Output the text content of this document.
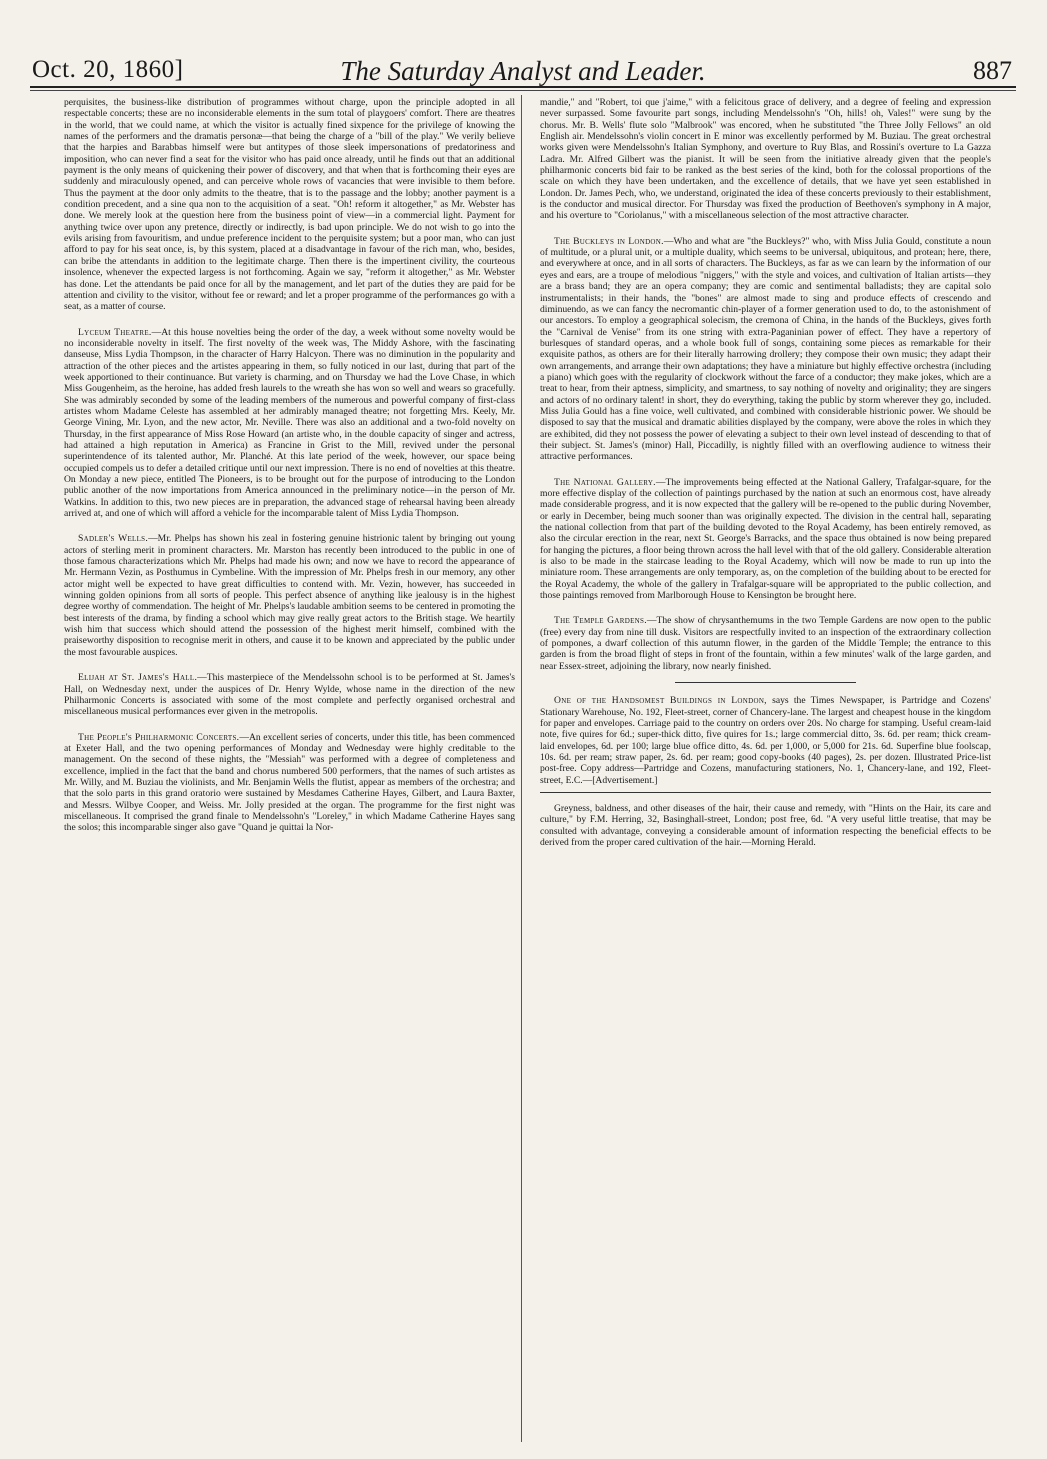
Oct. 20, 1860]	The Saturday Analyst and Leader.	887

perquisites, the business-like distribution of programmes without charge, upon the principle adopted in all respectable concerts; these are no inconsiderable elements in the sum total of playgoers' comfort. There are theatres in the world, that we could name, at which the visitor is actually fined sixpence for the privilege of knowing the names of the performers and the dramatis personæ—that being the charge of a "bill of the play." We verily believe that the harpies and Barabbas himself were but antitypes of those sleek impersonations of predatoriness and imposition, who can never find a seat for the visitor who has paid once already, until he finds out that an additional payment is the only means of quickening their power of discovery, and that when that is forthcoming their eyes are suddenly and miraculously opened, and can perceive whole rows of vacancies that were invisible to them before. Thus the payment at the door only admits to the theatre, that is to the passage and the lobby; another payment is a condition precedent, and a sine qua non to the acquisition of a seat. "Oh! reform it altogether," as Mr. Webster has done. We merely look at the question here from the business point of view—in a commercial light. Payment for anything twice over upon any pretence, directly or indirectly, is bad upon principle. We do not wish to go into the evils arising from favouritism, and undue preference incident to the perquisite system; but a poor man, who can just afford to pay for his seat once, is, by this system, placed at a disadvantage in favour of the rich man, who, besides, can bribe the attendants in addition to the legitimate charge. Then there is the impertinent civility, the courteous insolence, whenever the expected largess is not forthcoming. Again we say, "reform it altogether," as Mr. Webster has done. Let the attendants be paid once for all by the management, and let part of the duties they are paid for be attention and civility to the visitor, without fee or reward; and let a proper programme of the performances go with a seat, as a matter of course.

Lyceum Theatre.—At this house novelties being the order of the day, a week without some novelty would be no inconsiderable novelty in itself. The first novelty of the week was, The Middy Ashore, with the fascinating danseuse, Miss Lydia Thompson, in the character of Harry Halcyon. There was no diminution in the popularity and attraction of the other pieces and the artistes appearing in them, so fully noticed in our last, during that part of the week apportioned to their continuance. But variety is charming, and on Thursday we had the Love Chase, in which Miss Gougenheim, as the heroine, has added fresh laurels to the wreath she has won so well and wears so gracefully. She was admirably seconded by some of the leading members of the numerous and powerful company of first-class artistes whom Madame Celeste has assembled at her admirably managed theatre; not forgetting Mrs. Keely, Mr. George Vining, Mr. Lyon, and the new actor, Mr. Neville. There was also an additional and a two-fold novelty on Thursday, in the first appearance of Miss Rose Howard (an artiste who, in the double capacity of singer and actress, had attained a high reputation in America) as Francine in Grist to the Mill, revived under the personal superintendence of its talented author, Mr. Planché. At this late period of the week, however, our space being occupied compels us to defer a detailed critique until our next impression. There is no end of novelties at this theatre. On Monday a new piece, entitled The Pioneers, is to be brought out for the purpose of introducing to the London public another of the now importations from America announced in the preliminary notice—in the person of Mr. Watkins. In addition to this, two new pieces are in preparation, the advanced stage of rehearsal having been already arrived at, and one of which will afford a vehicle for the incomparable talent of Miss Lydia Thompson.

Sadler's Wells.—Mr. Phelps has shown his zeal in fostering genuine histrionic talent by bringing out young actors of sterling merit in prominent characters. Mr. Marston has recently been introduced to the public in one of those famous characterizations which Mr. Phelps had made his own; and now we have to record the appearance of Mr. Hermann Vezin, as Posthumus in Cymbeline. With the impression of Mr. Phelps fresh in our memory, any other actor might well be expected to have great difficulties to contend with. Mr. Vezin, however, has succeeded in winning golden opinions from all sorts of people. This perfect absence of anything like jealousy is in the highest degree worthy of commendation. The height of Mr. Phelps's laudable ambition seems to be centered in promoting the best interests of the drama, by finding a school which may give really great actors to the British stage. We heartily wish him that success which should attend the possession of the highest merit himself, combined with the praiseworthy disposition to recognise merit in others, and cause it to be known and appreciated by the public under the most favourable auspices.

Elijah at St. James's Hall.—This masterpiece of the Mendelssohn school is to be performed at St. James's Hall, on Wednesday next, under the auspices of Dr. Henry Wylde, whose name in the direction of the new Philharmonic Concerts is associated with some of the most complete and perfectly organised orchestral and miscellaneous musical performances ever given in the metropolis.

The People's Philharmonic Concerts.—An excellent series of concerts, under this title, has been commenced at Exeter Hall, and the two opening performances of Monday and Wednesday were highly creditable to the management. On the second of these nights, the "Messiah" was performed with a degree of completeness and excellence, implied in the fact that the band and chorus numbered 500 performers, that the names of such artistes as Mr. Willy, and M. Buziau the violinists, and Mr. Benjamin Wells the flutist, appear as members of the orchestra; and that the solo parts in this grand oratorio were sustained by Mesdames Catherine Hayes, Gilbert, and Laura Baxter, and Messrs. Wilbye Cooper, and Weiss. Mr. Jolly presided at the organ. The programme for the first night was miscellaneous. It comprised the grand finale to Mendelssohn's "Loreley," in which Madame Catherine Hayes sang the solos; this incomparable singer also gave "Quand je quittai la Nor-

mandie," and "Robert, toi que j'aime," with a felicitous grace of delivery, and a degree of feeling and expression never surpassed. Some favourite part songs, including Mendelssohn's "Oh, hills! oh, Vales!" were sung by the chorus. Mr. B. Wells' flute solo "Malbrook" was encored, when he substituted "the Three Jolly Fellows" an old English air. Mendelssohn's violin concert in E minor was excellently performed by M. Buziau. The great orchestral works given were Mendelssohn's Italian Symphony, and overture to Ruy Blas, and Rossini's overture to La Gazza Ladra. Mr. Alfred Gilbert was the pianist. It will be seen from the initiative already given that the people's philharmonic concerts bid fair to be ranked as the best series of the kind, both for the colossal proportions of the scale on which they have been undertaken, and the excellence of details, that we have yet seen established in London. Dr. James Pech, who, we understand, originated the idea of these concerts previously to their establishment, is the conductor and musical director. For Thursday was fixed the production of Beethoven's symphony in A major, and his overture to "Coriolanus," with a miscellaneous selection of the most attractive character.

The Buckleys in London.—Who and what are "the Buckleys?" who, with Miss Julia Gould, constitute a noun of multitude, or a plural unit, or a multiple duality, which seems to be universal, ubiquitous, and protean; here, there, and everywhere at once, and in all sorts of characters. The Buckleys, as far as we can learn by the information of our eyes and ears, are a troupe of melodious "niggers," with the style and voices, and cultivation of Italian artists—they are a brass band; they are an opera company; they are comic and sentimental balladists; they are capital solo instrumentalists; in their hands, the "bones" are almost made to sing and produce effects of crescendo and diminuendo, as we can fancy the necromantic chin-player of a former generation used to do, to the astonishment of our ancestors. To employ a geographical solecism, the cremona of China, in the hands of the Buckleys, gives forth the "Carnival de Venise" from its one string with extra-Paganinian power of effect. They have a repertory of burlesques of standard operas, and a whole book full of songs, containing some pieces as remarkable for their exquisite pathos, as others are for their literally harrowing drollery; they compose their own music; they adapt their own arrangements, and arrange their own adaptations; they have a miniature but highly effective orchestra (including a piano) which goes with the regularity of clockwork without the farce of a conductor; they make jokes, which are a treat to hear, from their aptness, simplicity, and smartness, to say nothing of novelty and originality; they are singers and actors of no ordinary talent! in short, they do everything, taking the public by storm wherever they go, included. Miss Julia Gould has a fine voice, well cultivated, and combined with considerable histrionic power. We should be disposed to say that the musical and dramatic abilities displayed by the company, were above the roles in which they are exhibited, did they not possess the power of elevating a subject to their own level instead of descending to that of their subject. St. James's (minor) Hall, Piccadilly, is nightly filled with an overflowing audience to witness their attractive performances.

The National Gallery.—The improvements being effected at the National Gallery, Trafalgar-square, for the more effective display of the collection of paintings purchased by the nation at such an enormous cost, have already made considerable progress, and it is now expected that the gallery will be re-opened to the public during November, or early in December, being much sooner than was originally expected. The division in the central hall, separating the national collection from that part of the building devoted to the Royal Academy, has been entirely removed, as also the circular erection in the rear, next St. George's Barracks, and the space thus obtained is now being prepared for hanging the pictures, a floor being thrown across the hall level with that of the old gallery. Considerable alteration is also to be made in the staircase leading to the Royal Academy, which will now be made to run up into the miniature room. These arrangements are only temporary, as, on the completion of the building about to be erected for the Royal Academy, the whole of the gallery in Trafalgar-square will be appropriated to the public collection, and those paintings removed from Marlborough House to Kensington be brought here.

The Temple Gardens.—The show of chrysanthemums in the two Temple Gardens are now open to the public (free) every day from nine till dusk. Visitors are respectfully invited to an inspection of the extraordinary collection of pompones, a dwarf collection of this autumn flower, in the garden of the Middle Temple; the entrance to this garden is from the broad flight of steps in front of the fountain, within a few minutes' walk of the large garden, and near Essex-street, adjoining the library, now nearly finished.

One of the Handsomest Buildings in London, says the Times Newspaper, is Partridge and Cozens' Stationary Warehouse, No. 192, Fleet-street, corner of Chancery-lane. The largest and cheapest house in the kingdom for paper and envelopes. Carriage paid to the country on orders over 20s. No charge for stamping. Useful cream-laid note, five quires for 6d.; super-thick ditto, five quires for 1s.; large commercial ditto, 3s. 6d. per ream; thick cream-laid envelopes, 6d. per 100; large blue office ditto, 4s. 6d. per 1,000, or 5,000 for 21s. 6d. Superfine blue foolscap, 10s. 6d. per ream; straw paper, 2s. 6d. per ream; good copy-books (40 pages), 2s. per dozen. Illustrated Price-list post-free. Copy address—Partridge and Cozens, manufacturing stationers, No. 1, Chancery-lane, and 192, Fleet-street, E.C.—[Advertisement.]

Greyness, baldness, and other diseases of the hair, their cause and remedy, with "Hints on the Hair, its care and culture," by F.M. Herring, 32, Basinghall-street, London; post free, 6d. "A very useful little treatise, that may be consulted with advantage, conveying a considerable amount of information respecting the beneficial effects to be derived from the proper cared cultivation of the hair.—Morning Herald.
